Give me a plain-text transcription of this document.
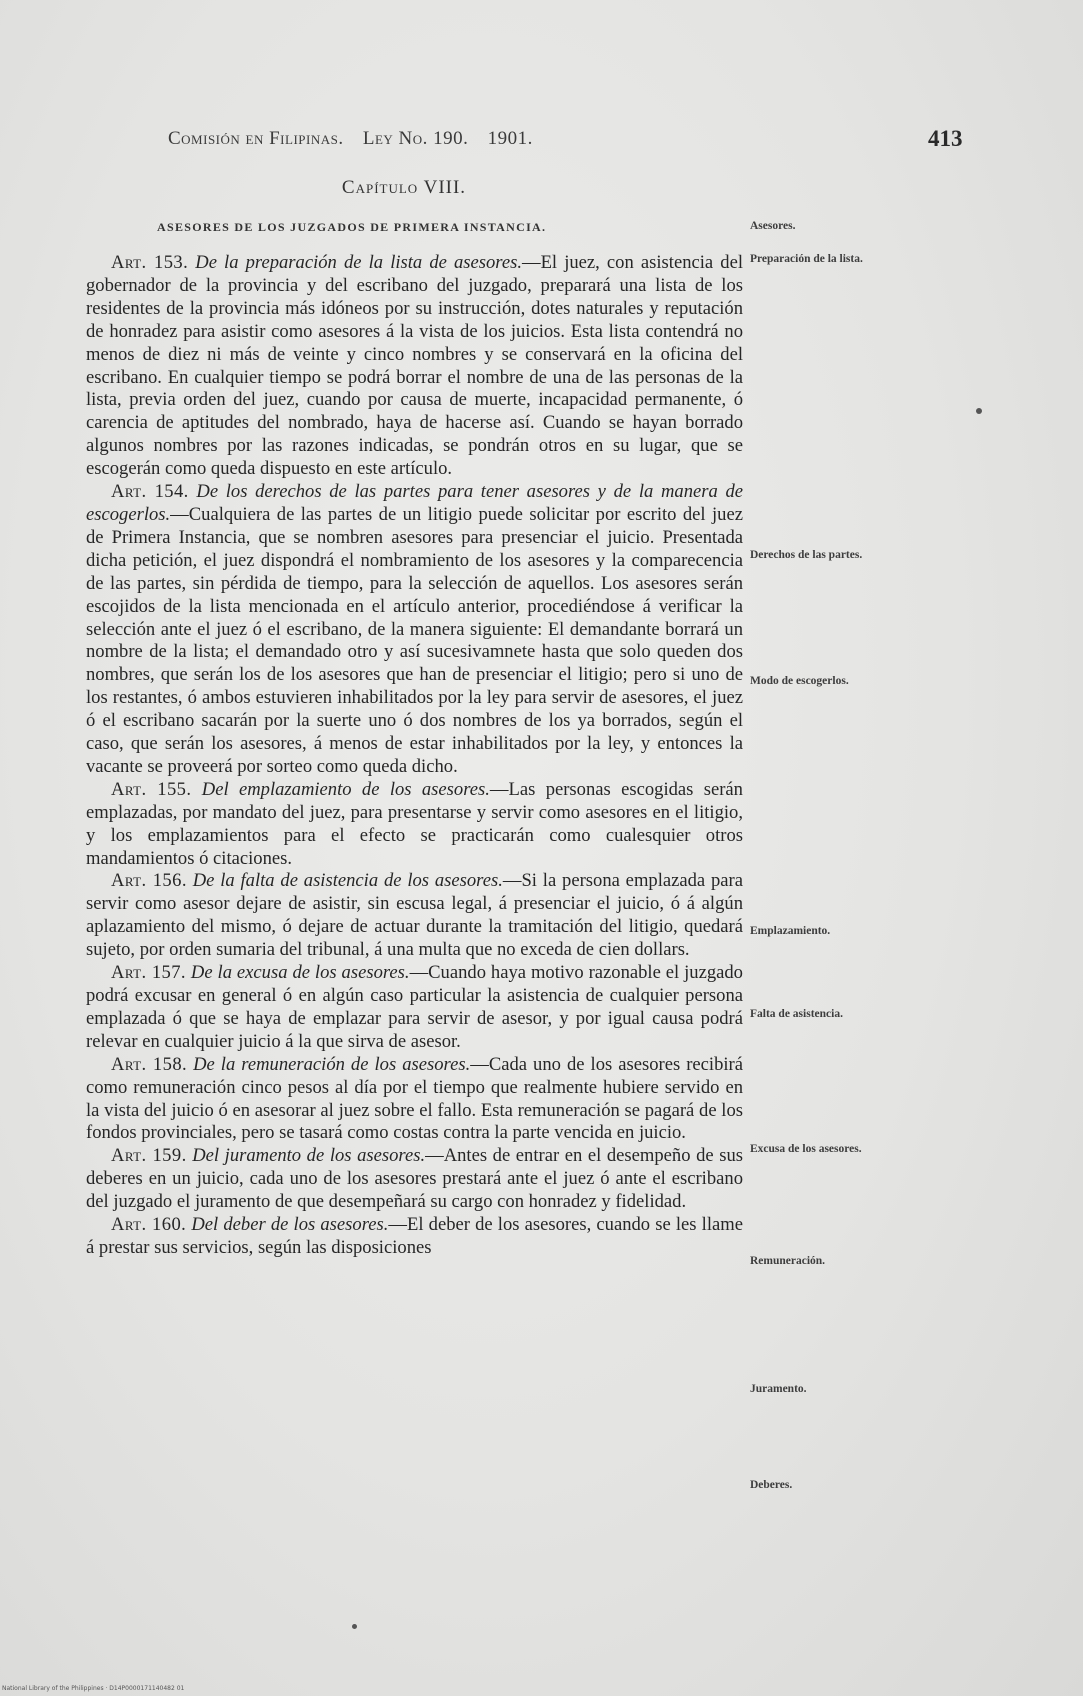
Comisión en Filipinas. Ley No. 190. 1901.	413
Capítulo VIII.
ASESORES DE LOS JUZGADOS DE PRIMERA INSTANCIA.

Art. 153. De la preparación de la lista de asesores.—El juez, con asistencia del gobernador de la provincia y del escribano del juzgado, preparará una lista de los residentes de la provincia más idóneos por su instrucción, dotes naturales y reputación de honradez para asistir como asesores á la vista de los juicios. Esta lista contendrá no menos de diez ni más de veinte y cinco nombres y se conservará en la oficina del escribano. En cualquier tiempo se podrá borrar el nombre de una de las personas de la lista, previa orden del juez, cuando por causa de muerte, incapacidad permanente, ó carencia de aptitudes del nombrado, haya de hacerse así. Cuando se hayan borrado algunos nombres por las razones indicadas, se pondrán otros en su lugar, que se escogerán como queda dispuesto en este artículo.

Art. 154. De los derechos de las partes para tener asesores y de la manera de escogerlos.—Cualquiera de las partes de un litigio puede solicitar por escrito del juez de Primera Instancia, que se nombren asesores para presenciar el juicio. Presentada dicha petición, el juez dispondrá el nombramiento de los asesores y la comparecencia de las partes, sin pérdida de tiempo, para la selección de aquellos. Los asesores serán escojidos de la lista mencionada en el artículo anterior, procediéndose á verificar la selección ante el juez ó el escribano, de la manera siguiente: El demandante borrará un nombre de la lista; el demandado otro y así sucesivamnete hasta que solo queden dos nombres, que serán los de los asesores que han de presenciar el litigio; pero si uno de los restantes, ó ambos estuvieren inhabilitados por la ley para servir de asesores, el juez ó el escribano sacarán por la suerte uno ó dos nombres de los ya borrados, según el caso, que serán los asesores, á menos de estar inhabilitados por la ley, y entonces la vacante se proveerá por sorteo como queda dicho.

Art. 155. Del emplazamiento de los asesores.—Las personas escogidas serán emplazadas, por mandato del juez, para presentarse y servir como asesores en el litigio, y los emplazamientos para el efecto se practicarán como cualesquier otros mandamientos ó citaciones.

Art. 156. De la falta de asistencia de los asesores.—Si la persona emplazada para servir como asesor dejare de asistir, sin escusa legal, á presenciar el juicio, ó á algún aplazamiento del mismo, ó dejare de actuar durante la tramitación del litigio, quedará sujeto, por orden sumaria del tribunal, á una multa que no exceda de cien dollars.

Art. 157. De la excusa de los asesores.—Cuando haya motivo razonable el juzgado podrá excusar en general ó en algún caso particular la asistencia de cualquier persona emplazada ó que se haya de emplazar para servir de asesor, y por igual causa podrá relevar en cualquier juicio á la que sirva de asesor.

Art. 158. De la remuneración de los asesores.—Cada uno de los asesores recibirá como remuneración cinco pesos al día por el tiempo que realmente hubiere servido en la vista del juicio ó en asesorar al juez sobre el fallo. Esta remuneración se pagará de los fondos provinciales, pero se tasará como costas contra la parte vencida en juicio.

Art. 159. Del juramento de los asesores.—Antes de entrar en el desempeño de sus deberes en un juicio, cada uno de los asesores prestará ante el juez ó ante el escribano del juzgado el juramento de que desempeñará su cargo con honradez y fidelidad.

Art. 160. Del deber de los asesores.—El deber de los asesores, cuando se les llame á prestar sus servicios, según las disposiciones

Asesores.
Preparación de la lista.
Derechos de las partes.
Modo de escogerlos.
Emplazamiento.
Falta de asistencia.
Excusa de los asesores.
Remuneración.
Juramento.
Deberes.
National Library of the Philippines · D14P0000171140482 01
